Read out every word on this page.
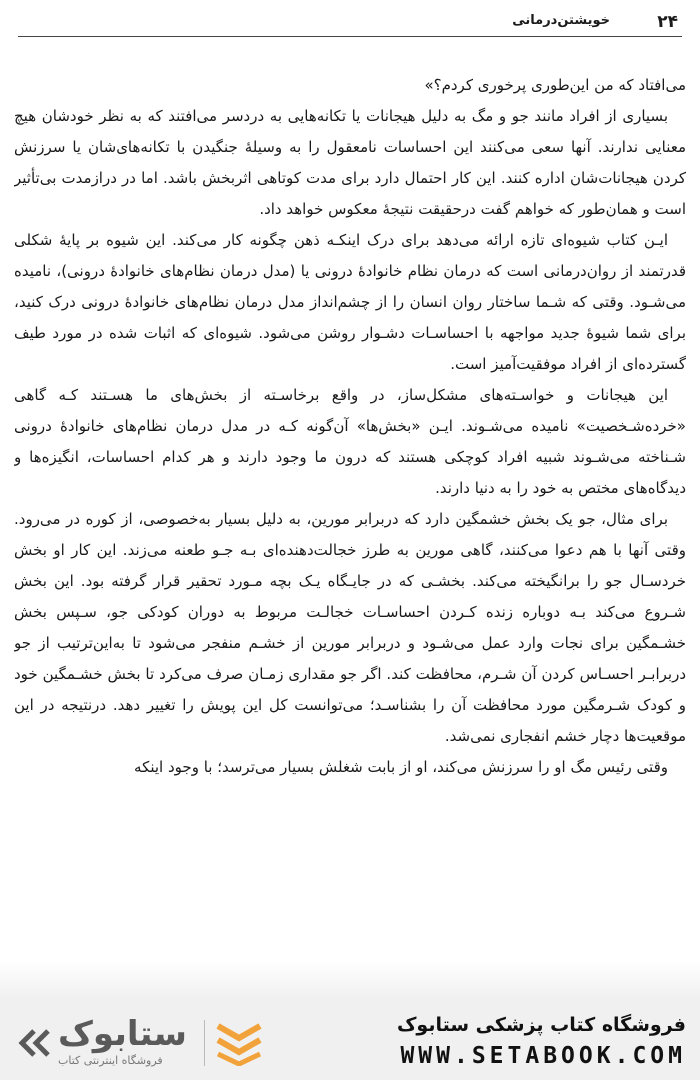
۲۴
خویشتن‌درمانی

می‌افتاد که من این‌طوری پرخوری کردم؟»

بسیاری از افراد مانند جو و مگ به دلیل هیجانات یا تکانه‌هایی به دردسر می‌افتند که به نظر خودشان هیچ معنایی ندارند. آنها سعی می‌کنند این احساسات نامعقول را به وسیلهٔ جنگیدن با تکانه‌های‌شان یا سرزنش کردن هیجانات‌شان اداره کنند. این کار احتمال دارد برای مدت کوتاهی اثربخش باشد. اما در درازمدت بی‌تأثیر است و همان‌طور که خواهم گفت درحقیقت نتیجهٔ معکوس خواهد داد.

ایـن کتاب شیوه‌ای تازه ارائه می‌دهد برای درک اینکـه ذهن چگونه کار می‌کند. این شیوه بر پایهٔ شکلی قدرتمند از روان‌درمانی است که درمان نظام خانوادهٔ درونی یا (مدل درمان نظام‌های خانوادهٔ درونی)، نامیده می‌شـود. وقتی که شـما ساختار روان انسان را از چشم‌انداز مدل درمان نظام‌های خانوادهٔ درونی درک کنید، برای شما شیوهٔ جدید مواجهه با احساسـات دشـوار روشن می‌شود. شیوه‌ای که اثبات شده در مورد طیف گسترده‌ای از افراد موفقیت‌آمیز است.

این هیجانات و خواسـته‌های مشکل‌ساز، در واقع برخاسـته از بخش‌های ما هسـتند کـه گاهی «خرده‌شـخصیت» نامیده می‌شـوند. ایـن «بخش‌ها» آن‌گونه کـه در مدل درمان نظام‌های خانوادهٔ درونی شـناخته می‌شـوند شبیه افراد کوچکی هستند که درون ما وجود دارند و هر کدام احساسات، انگیزه‌ها و دیدگاه‌های مختص به خود را به دنیا دارند.

برای مثال، جو یک بخش خشمگین دارد که دربرابر مورین، به دلیل بسیار به‌خصوصی، از کوره در می‌رود. وقتی آنها با هم دعوا می‌کنند، گاهی مورین به طرز خجالت‌دهنده‌ای بـه جـو طعنه می‌زند. این کار او بخش خردسـال جو را برانگیخته می‌کند. بخشـی که در جایـگاه یـک بچه مـورد تحقیر قرار گرفته بود. این بخش شـروع می‌کند بـه دوباره زنده کـردن احساسـات خجالـت مربوط به دوران کودکی جو، سـپس بخش خشـمگین برای نجات وارد عمل می‌شـود و دربرابر مورین از خشـم منفجر می‌شود تا به‌این‌ترتیب از جو دربرابـر احسـاس کردن آن شـرم، محافظت کند. اگر جو مقداری زمـان صرف می‌کرد تا بخش خشـمگین خود و کودک شـرمگین مورد محافظت آن را بشناسـد؛ می‌توانست کل این پویش را تغییر دهد. درنتیجه در این موقعیت‌ها دچار خشم انفجاری نمی‌شد.

وقتی رئیس مگ او را سرزنش می‌کند، او از بابت شغلش بسیار می‌ترسد؛ با وجود اینکه

فروشگاه کتاب پزشکی ستابوک
WWW.SETABOOK.COM
ستابوک
فروشگاه اینترنتی کتاب
